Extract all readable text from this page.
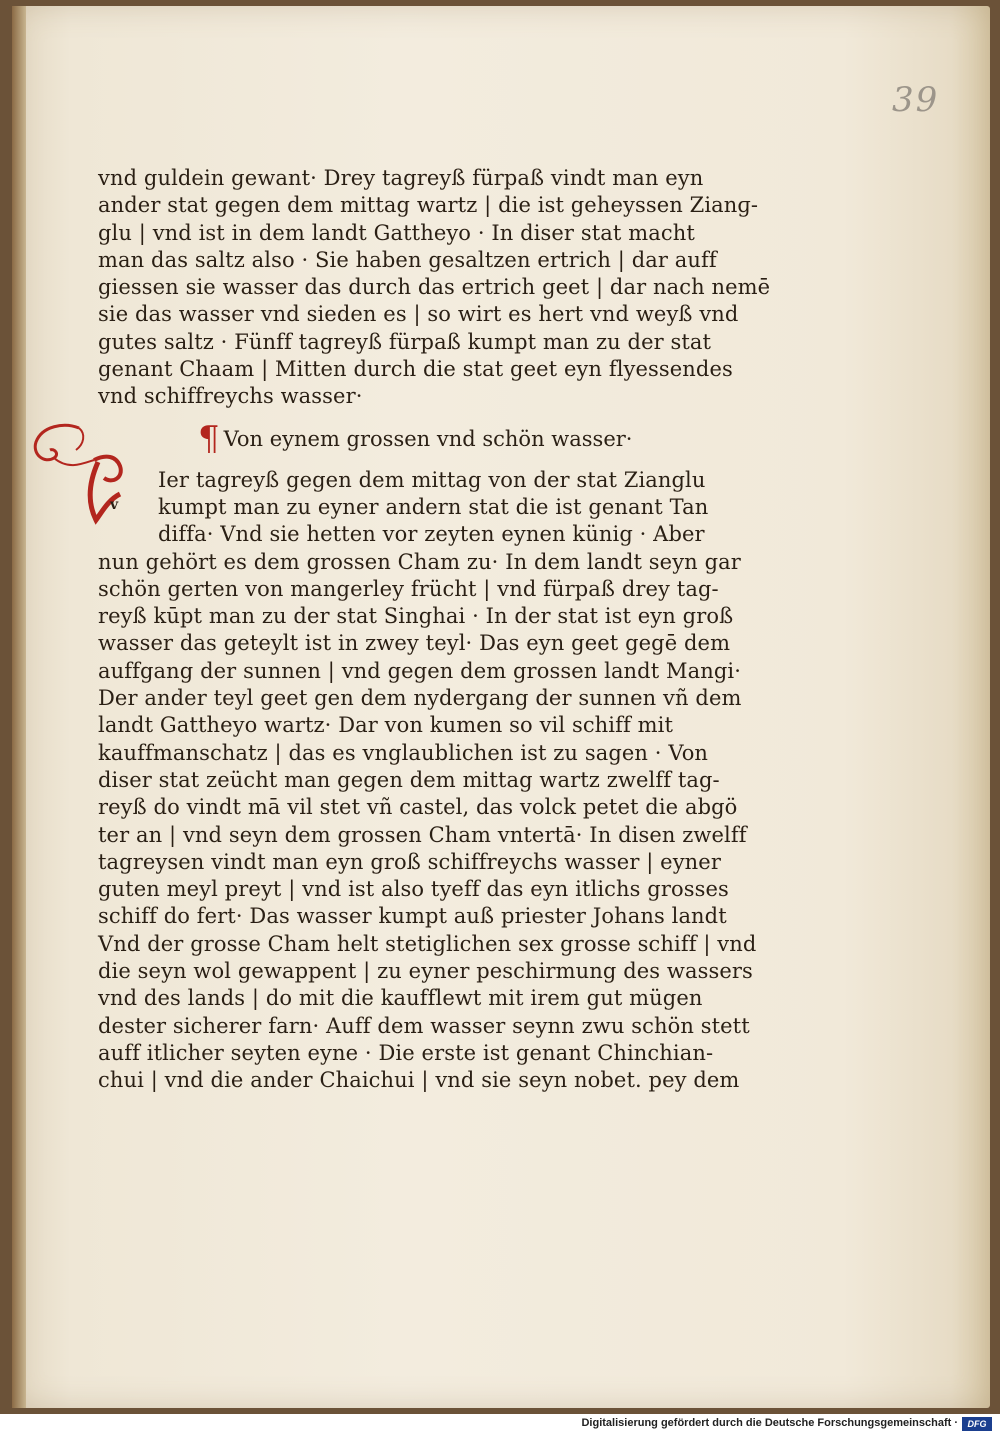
39
vnd guldein gewant· Drey tagreyß fürpaß vindt man eyn
ander stat gegen dem mittag wartz | die ist geheyssen Zianɡ-
glu | vnd ist in dem landt Gattheyo · In diser stat macht
man das saltz also · Sie haben gesaltzen ertrich | dar auff
giessen sie wasser das durch das ertrich geet | dar nach nemē
sie das wasser vnd sieden es | so wirt es hert vnd weyß vnd
gutes saltz · Fünff tagreyß fürpaß kumpt man zu der stat
genant Chaam | Mitten durch die stat geet eyn flyessendes
vnd schiffreychs wasser·
¶ Von eynem grossen vnd schön wasser·
Ier tagreyß gegen dem mittag von der stat Zianglu
kumpt man zu eyner andern stat die ist genant Tan
diffa· Vnd sie hetten vor zeyten eynen künig · Aber
nun gehört es dem grossen Cham zu· In dem landt seyn gar
schön gerten von mangerley frücht | vnd fürpaß drey tag-
reyß kūpt man zu der stat Singhai · In der stat ist eyn groß
wasser das geteylt ist in zwey teyl· Das eyn geet gegē dem
auffgang der sunnen | vnd gegen dem grossen landt Mangi·
Der ander teyl geet gen dem nydergang der sunnen vñ dem
landt Gattheyo wartz· Dar von kumen so vil schiff mit
kauffmanschatz | das es vnglaublichen ist zu sagen · Von
diser stat zeücht man gegen dem mittag wartz zwelff tag-
reyß do vindt mā vil stet vñ castel, das volck petet die abgö
ter an | vnd seyn dem grossen Cham vntertā· In disen zwelff
tagreysen vindt man eyn groß schiffreychs wasser | eyner
guten meyl preyt | vnd ist also tyeff das eyn itlichs grosses
schiff do fert· Das wasser kumpt auß priester Johans landt
Vnd der grosse Cham helt stetiglichen sex grosse schiff | vnd
die seyn wol gewappent | zu eyner peschirmung des wassers
vnd des lands | do mit die kaufflewt mit irem gut mügen
dester sicherer farn· Auff dem wasser seynn zwu schön stett
auff itlicher seyten eyne · Die erste ist genant Chinchian-
chui | vnd die ander Chaichui | vnd sie seyn nobet. pey dem
v
Digitalisierung gefördert durch die Deutsche Forschungsgemeinschaft ·	DFG
